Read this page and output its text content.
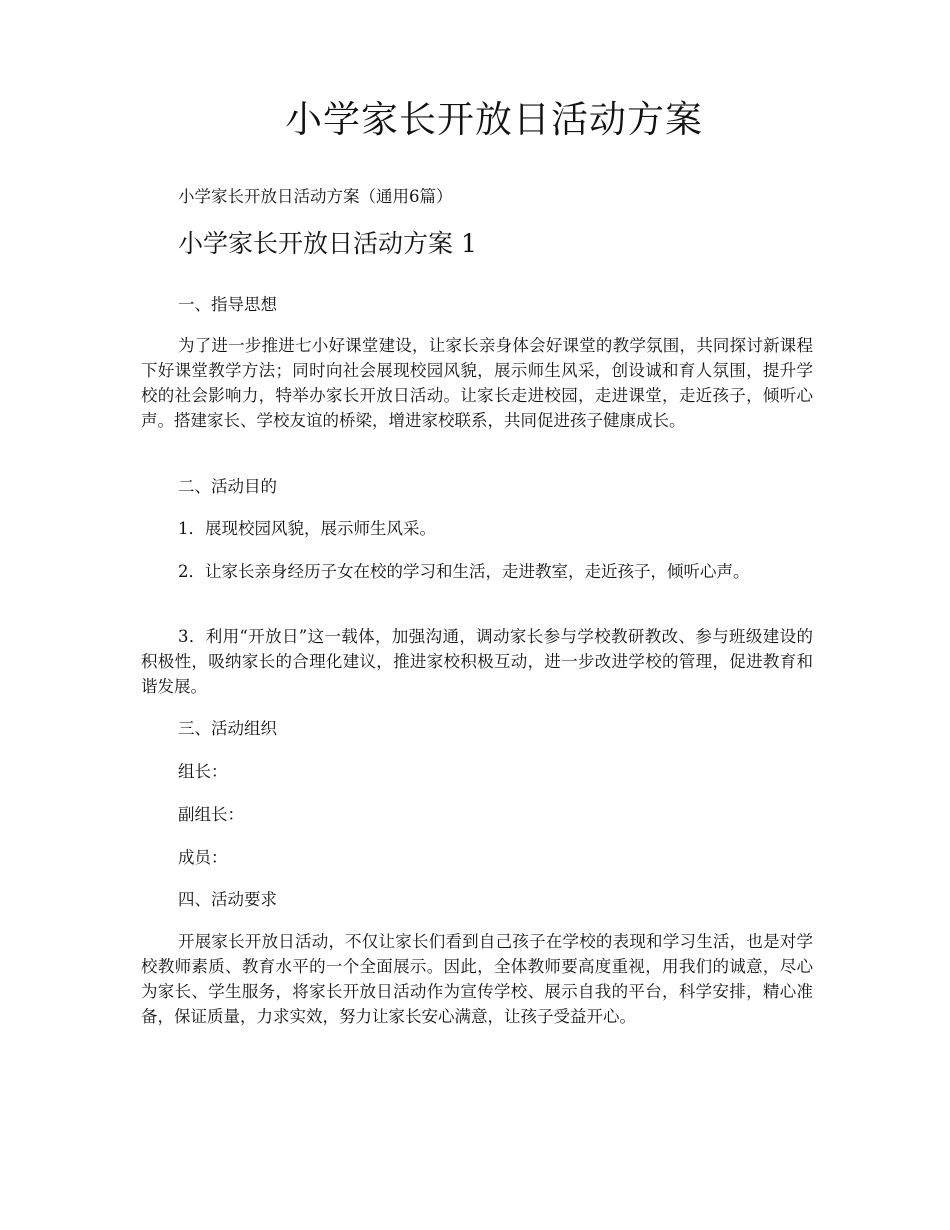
小学家长开放日活动方案

小学家长开放日活动方案（通用6篇）

小学家长开放日活动方案 1

一、指导思想

为了进一步推进七小好课堂建设，让家长亲身体会好课堂的教学氛围，共同探讨新课程下好课堂教学方法；同时向社会展现校园风貌，展示师生风采，创设诚和育人氛围，提升学校的社会影响力，特举办家长开放日活动。让家长走进校园，走进课堂，走近孩子，倾听心声。搭建家长、学校友谊的桥梁，增进家校联系，共同促进孩子健康成长。

二、活动目的

1．展现校园风貌，展示师生风采。

2．让家长亲身经历子女在校的学习和生活，走进教室，走近孩子，倾听心声。

3．利用“开放日”这一载体，加强沟通，调动家长参与学校教研教改、参与班级建设的积极性，吸纳家长的合理化建议，推进家校积极互动，进一步改进学校的管理，促进教育和谐发展。

三、活动组织

组长：

副组长：

成员：

四、活动要求

开展家长开放日活动，不仅让家长们看到自己孩子在学校的表现和学习生活，也是对学校教师素质、教育水平的一个全面展示。因此，全体教师要高度重视，用我们的诚意，尽心为家长、学生服务，将家长开放日活动作为宣传学校、展示自我的平台，科学安排，精心准备，保证质量，力求实效，努力让家长安心满意，让孩子受益开心。
